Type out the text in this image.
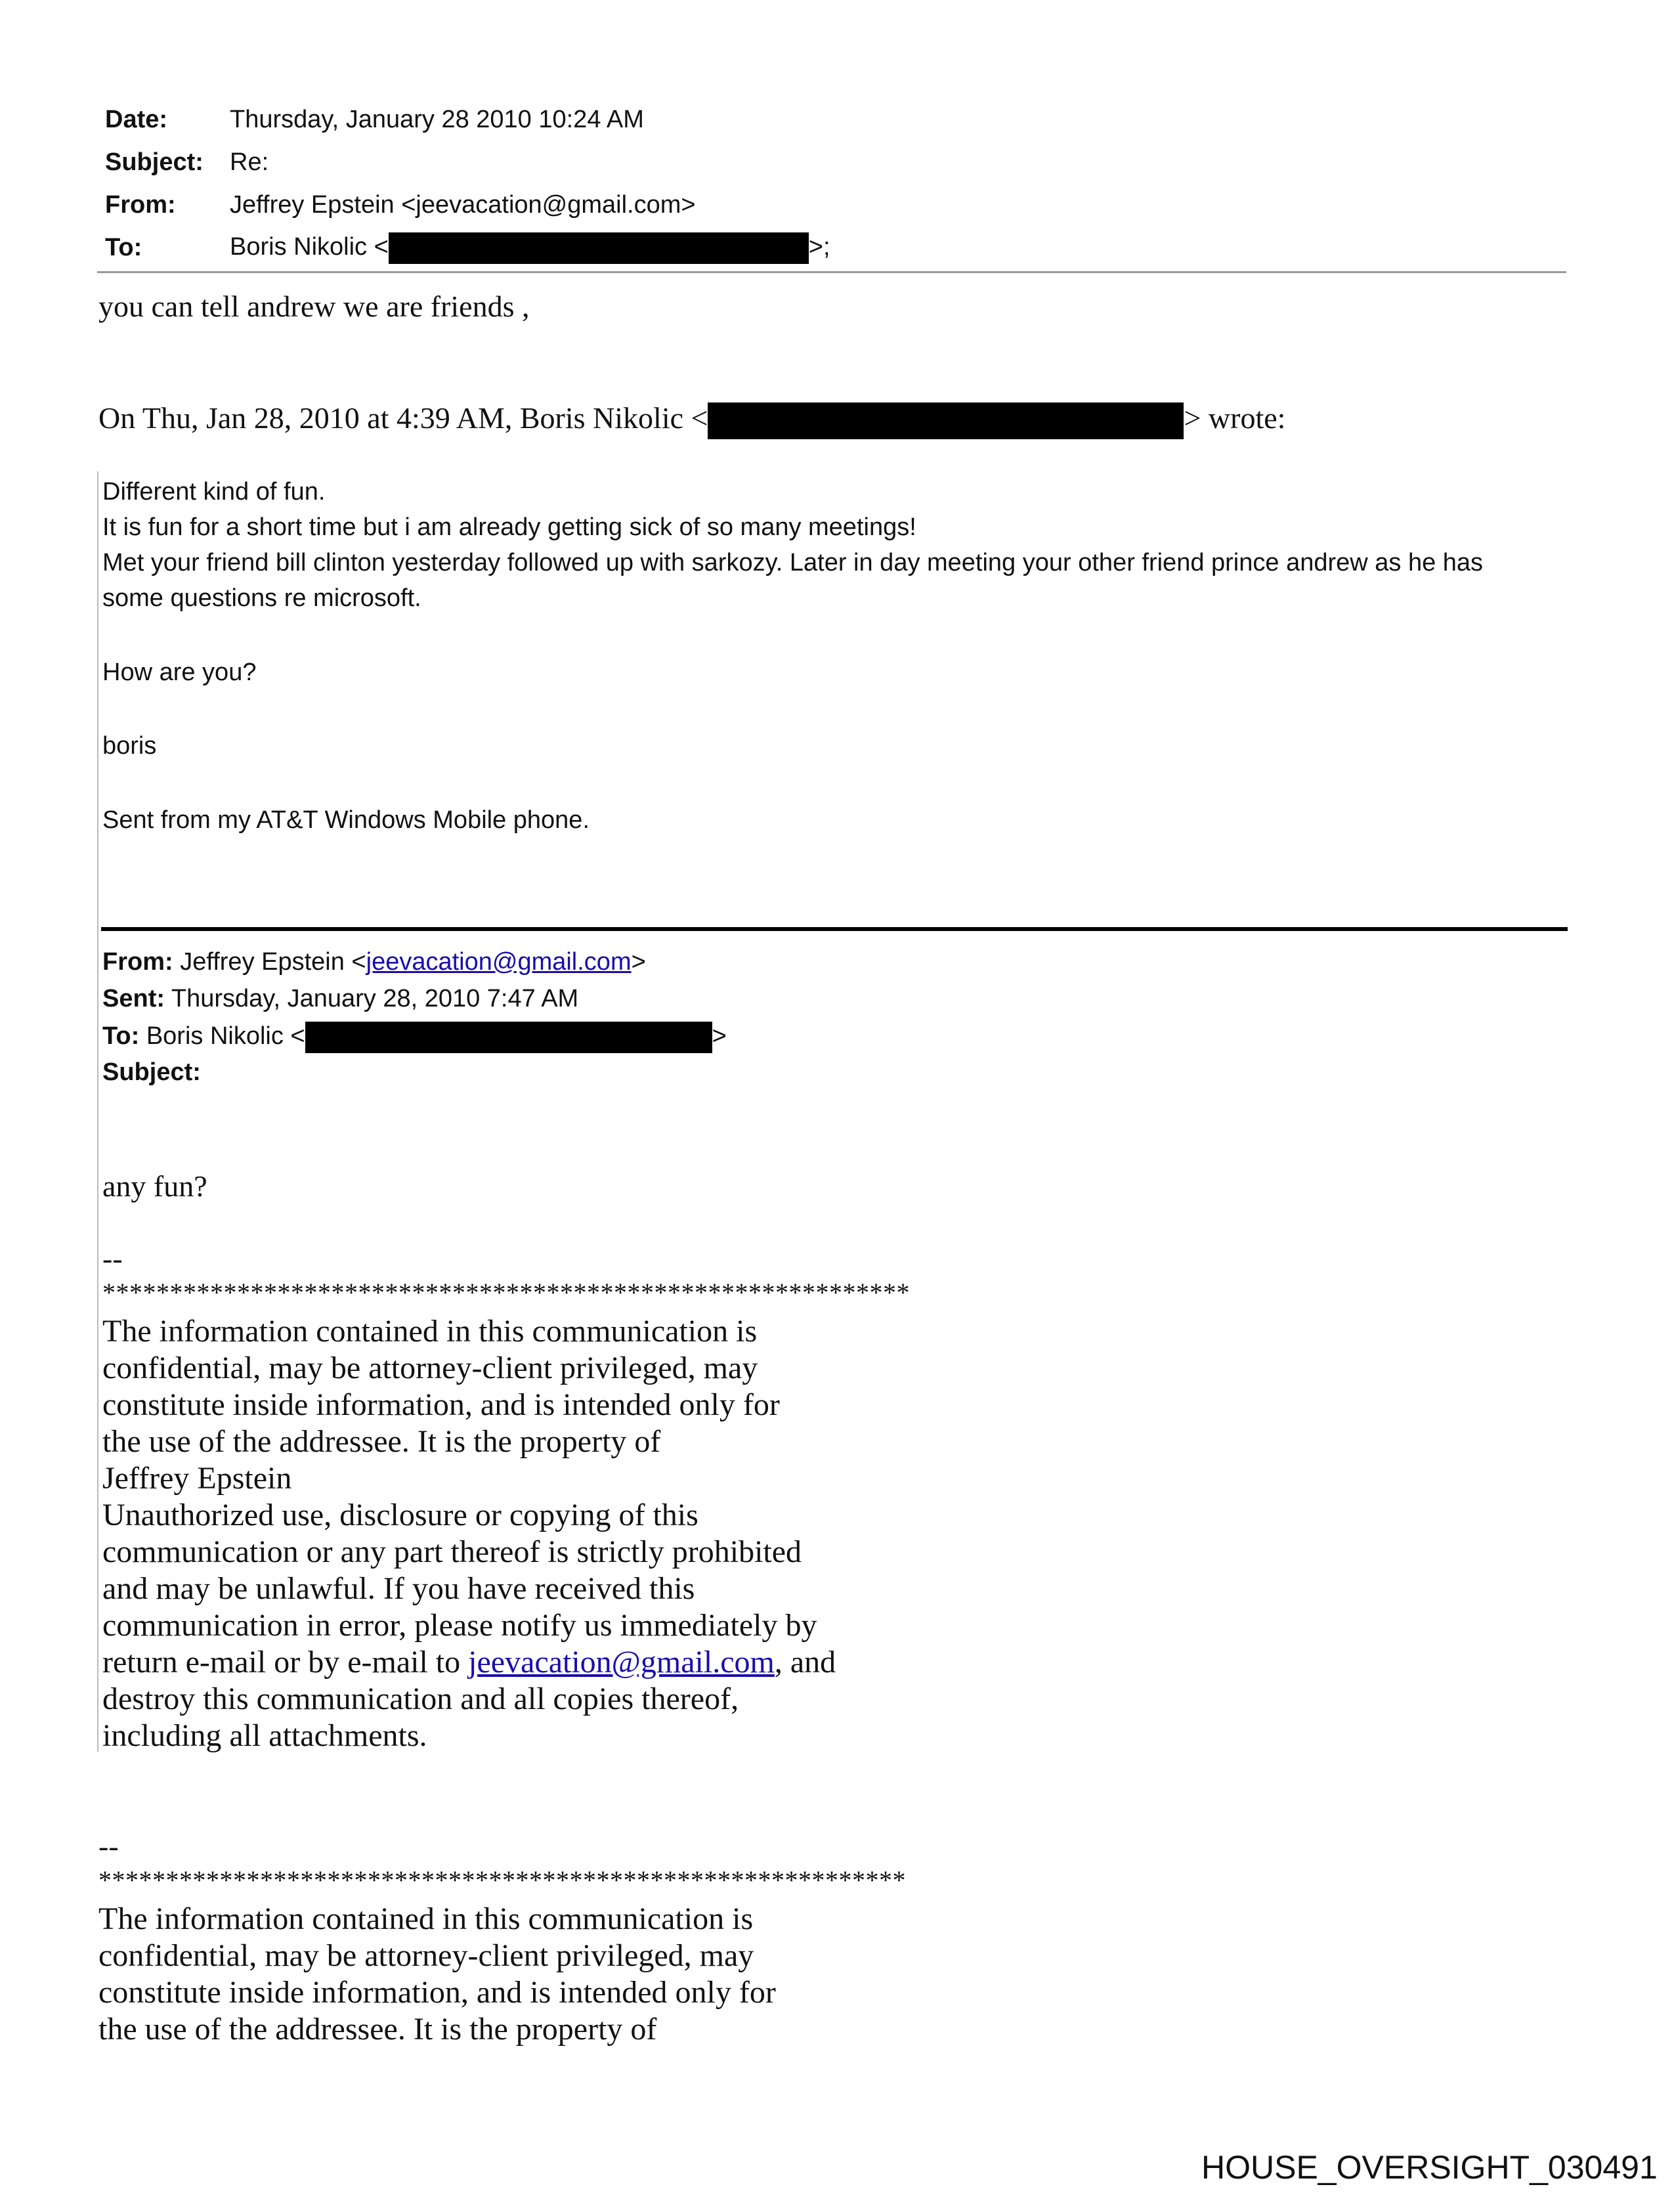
Date:	Thursday, January 28 2010 10:24 AM
Subject:	Re:
From:	Jeffrey Epstein <jeevacation@gmail.com>
To:	Boris Nikolic <	>;
you can tell andrew we are friends ,
On Thu, Jan 28, 2010 at 4:39 AM, Boris Nikolic <	> wrote:
Different kind of fun.
It is fun for a short time but i am already getting sick of so many meetings!
Met your friend bill clinton yesterday followed up with sarkozy. Later in day meeting your other friend prince andrew as he has
some questions re microsoft.
How are you?
boris
Sent from my AT&T Windows Mobile phone.
From: Jeffrey Epstein <jeevacation@gmail.com>
Sent: Thursday, January 28, 2010 7:47 AM
To: Boris Nikolic <	>
Subject:
any fun?
--
************************************************************
The information contained in this communication is
confidential, may be attorney-client privileged, may
constitute inside information, and is intended only for
the use of the addressee. It is the property of
Jeffrey Epstein
Unauthorized use, disclosure or copying of this
communication or any part thereof is strictly prohibited
and may be unlawful. If you have received this
communication in error, please notify us immediately by
return e-mail or by e-mail to jeevacation@gmail.com, and
destroy this communication and all copies thereof,
including all attachments.
--
************************************************************
The information contained in this communication is
confidential, may be attorney-client privileged, may
constitute inside information, and is intended only for
the use of the addressee. It is the property of
HOUSE_OVERSIGHT_030491
